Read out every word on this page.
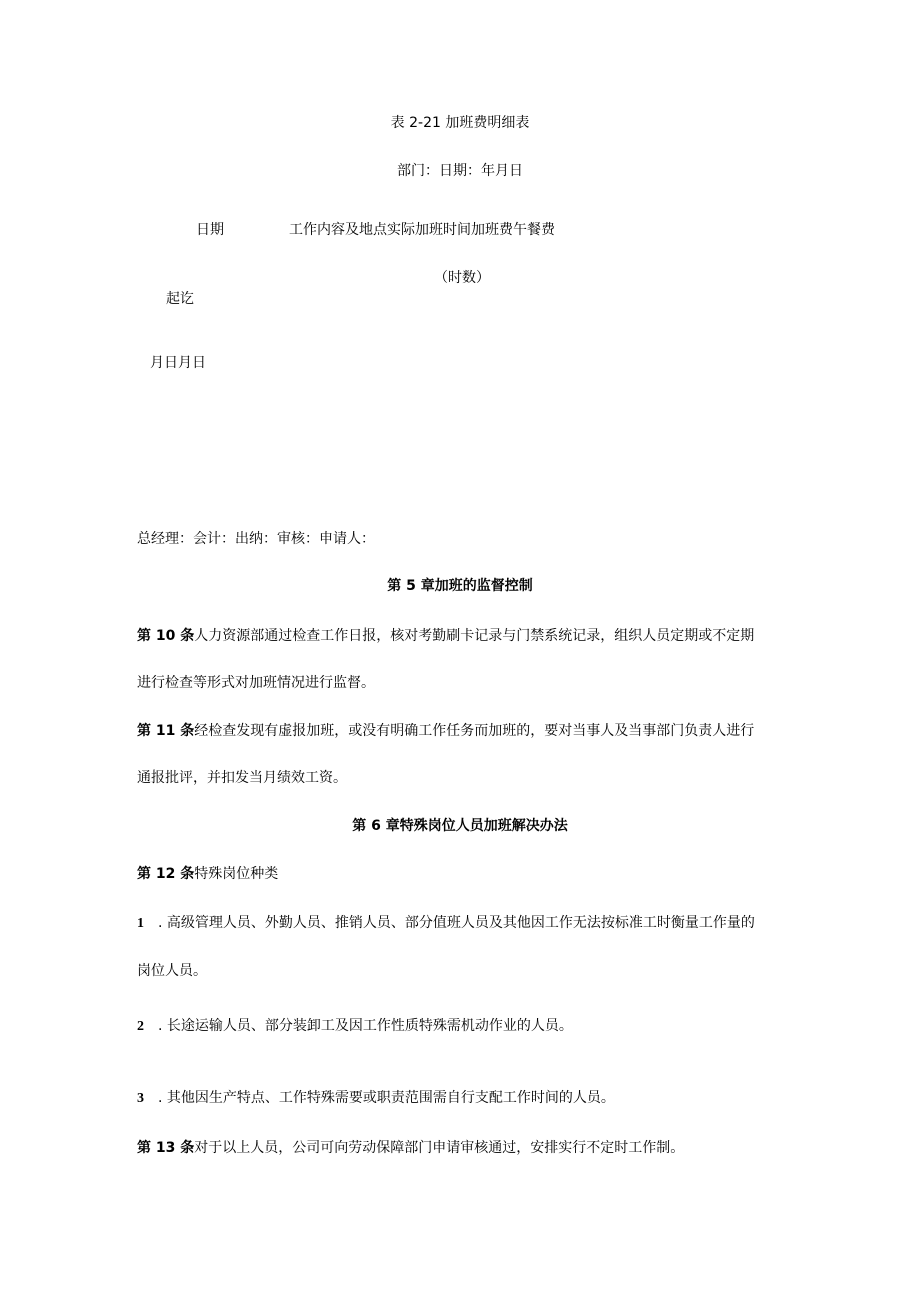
表 2-21 加班费明细表
部门：日期：年月日
日期	工作内容及地点实际加班时间加班费午餐费
（时数）
起讫
月日月日
总经理：会计：出纳：审核：申请人：
第 5 章加班的监督控制
第 10 条人力资源部通过检查工作日报，核对考勤刷卡记录与门禁系统记录，组织人员定期或不定期
进行检查等形式对加班情况进行监督。
第 11 条经检查发现有虚报加班，或没有明确工作任务而加班的，要对当事人及当事部门负责人进行
通报批评，并扣发当月绩效工资。
第 6 章特殊岗位人员加班解决办法
第 12 条特殊岗位种类
1 . 高级管理人员、外勤人员、推销人员、部分值班人员及其他因工作无法按标准工时衡量工作量的
岗位人员。
2 . 长途运输人员、部分装卸工及因工作性质特殊需机动作业的人员。
3 . 其他因生产特点、工作特殊需要或职责范围需自行支配工作时间的人员。
第 13 条对于以上人员，公司可向劳动保障部门申请审核通过，安排实行不定时工作制。
